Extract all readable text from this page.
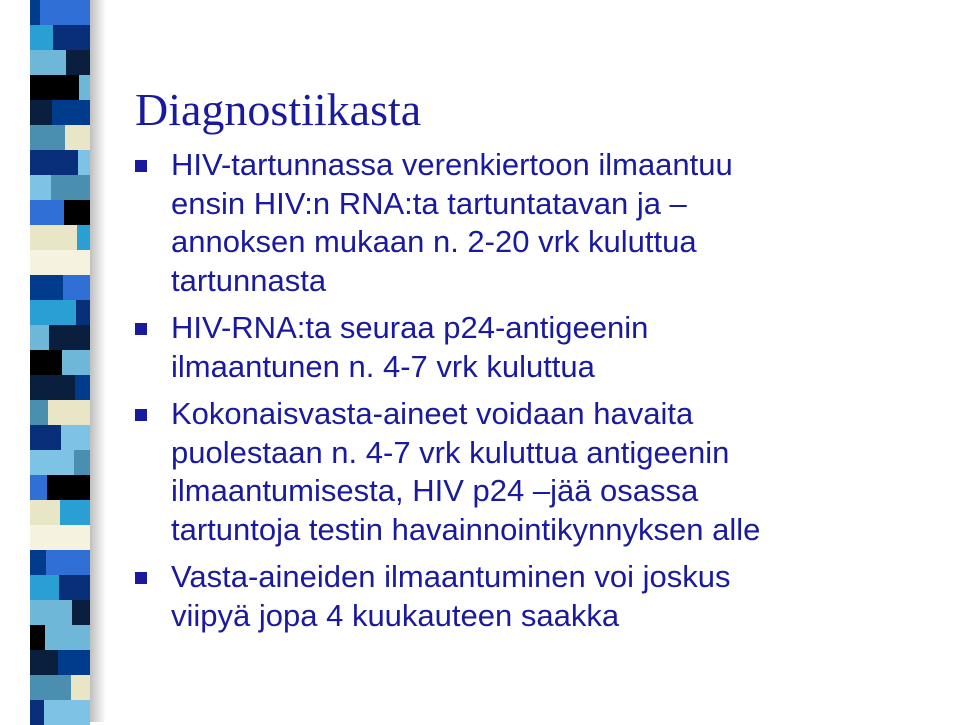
Diagnostiikasta
HIV-tartunnassa verenkiertoon ilmaantuu
ensin HIV:n RNA:ta tartuntatavan ja –
annoksen mukaan n. 2-20 vrk kuluttua
tartunnasta
HIV-RNA:ta seuraa p24-antigeenin
ilmaantunen n. 4-7 vrk kuluttua
Kokonaisvasta-aineet voidaan havaita
puolestaan n. 4-7 vrk kuluttua antigeenin
ilmaantumisesta, HIV p24 –jää osassa
tartuntoja testin havainnointikynnyksen alle
Vasta-aineiden ilmaantuminen voi joskus
viipyä jopa 4 kuukauteen saakka
